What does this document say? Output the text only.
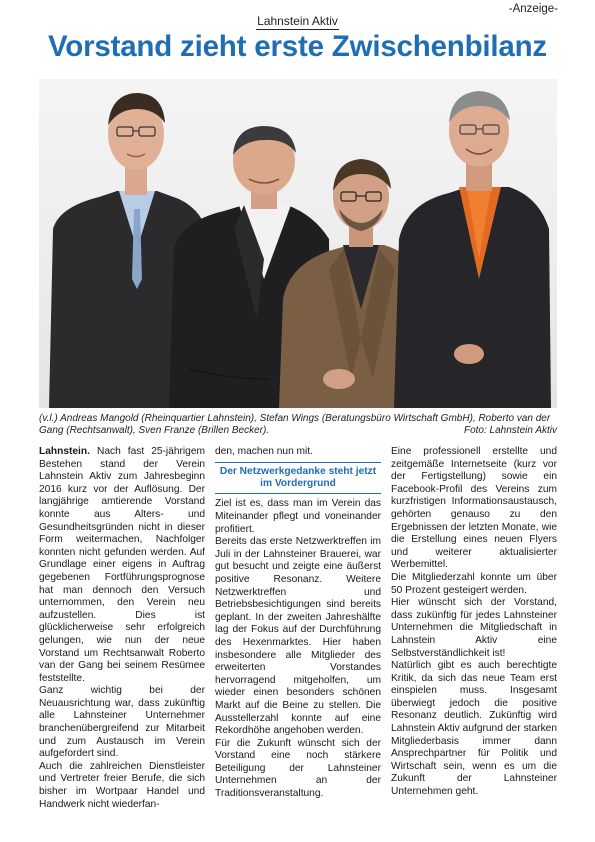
-Anzeige-
Lahnstein Aktiv
Vorstand zieht erste Zwischenbilanz
(v.l.) Andreas Mangold (Rheinquartier Lahnstein), Stefan Wings (Beratungsbüro Wirtschaft GmbH), Roberto van der Gang (Rechtsanwalt), Sven Franze (Brillen Becker).	Foto: Lahnstein Aktiv

Lahnstein. Nach fast 25-jährigem Bestehen stand der Verein Lahnstein Aktiv zum Jahresbeginn 2016 kurz vor der Auflösung. Der langjährige amtierende Vorstand konnte aus Alters- und Gesundheitsgründen nicht in dieser Form weitermachen, Nachfolger konnten nicht gefunden werden. Auf Grundlage einer eigens in Auftrag gegebenen Fortführungsprognose hat man dennoch den Versuch unternommen, den Verein neu aufzustellen. Dies ist glücklicherweise sehr erfolgreich gelungen, wie nun der neue Vorstand um Rechtsanwalt Roberto van der Gang bei seinem Resümee feststellte.

Ganz wichtig bei der Neuausrichtung war, dass zukünftig alle Lahnsteiner Unternehmer branchenübergreifend zur Mitarbeit und zum Austausch im Verein aufgefordert sind.

Auch die zahlreichen Dienstleister und Vertreter freier Berufe, die sich bisher im Wortpaar Handel und Handwerk nicht wiederfan-

den, machen nun mit.

Der Netzwerkgedanke steht jetzt im Vordergrund

Ziel ist es, dass man im Verein das Miteinander pflegt und voneinander profitiert.

Bereits das erste Netzwerktreffen im Juli in der Lahnsteiner Brauerei, war gut besucht und zeigte eine äußerst positive Resonanz. Weitere Netzwerktreffen und Betriebsbesichtigungen sind bereits geplant. In der zweiten Jahreshälfte lag der Fokus auf der Durchführung des Hexenmarktes. Hier haben insbesondere alle Mitglieder des erweiterten Vorstandes hervorragend mitgeholfen, um wieder einen besonders schönen Markt auf die Beine zu stellen. Die Ausstellerzahl konnte auf eine Rekordhöhe angehoben werden.

Für die Zukunft wünscht sich der Vorstand eine noch stärkere Beteiligung der Lahnsteiner Unternehmen an der Traditionsveranstaltung.

Eine professionell erstellte und zeitgemäße Internetseite (kurz vor der Fertigstellung) sowie ein Facebook-Profil des Vereins zum kurzfristigen Informationsaustausch, gehörten genauso zu den Ergebnissen der letzten Monate, wie die Erstellung eines neuen Flyers und weiterer aktualisierter Werbemittel.

Die Mitgliederzahl konnte um über 50 Prozent gesteigert werden.

Hier wünscht sich der Vorstand, dass zukünftig für jedes Lahnsteiner Unternehmen die Mitgliedschaft in Lahnstein Aktiv eine Selbstverständlichkeit ist!

Natürlich gibt es auch berechtigte Kritik, da sich das neue Team erst einspielen muss. Insgesamt überwiegt jedoch die positive Resonanz deutlich. Zukünftig wird Lahnstein Aktiv aufgrund der starken Mitgliederbasis immer dann Ansprechpartner für Politik und Wirtschaft sein, wenn es um die Zukunft der Lahnsteiner Unternehmen geht.
